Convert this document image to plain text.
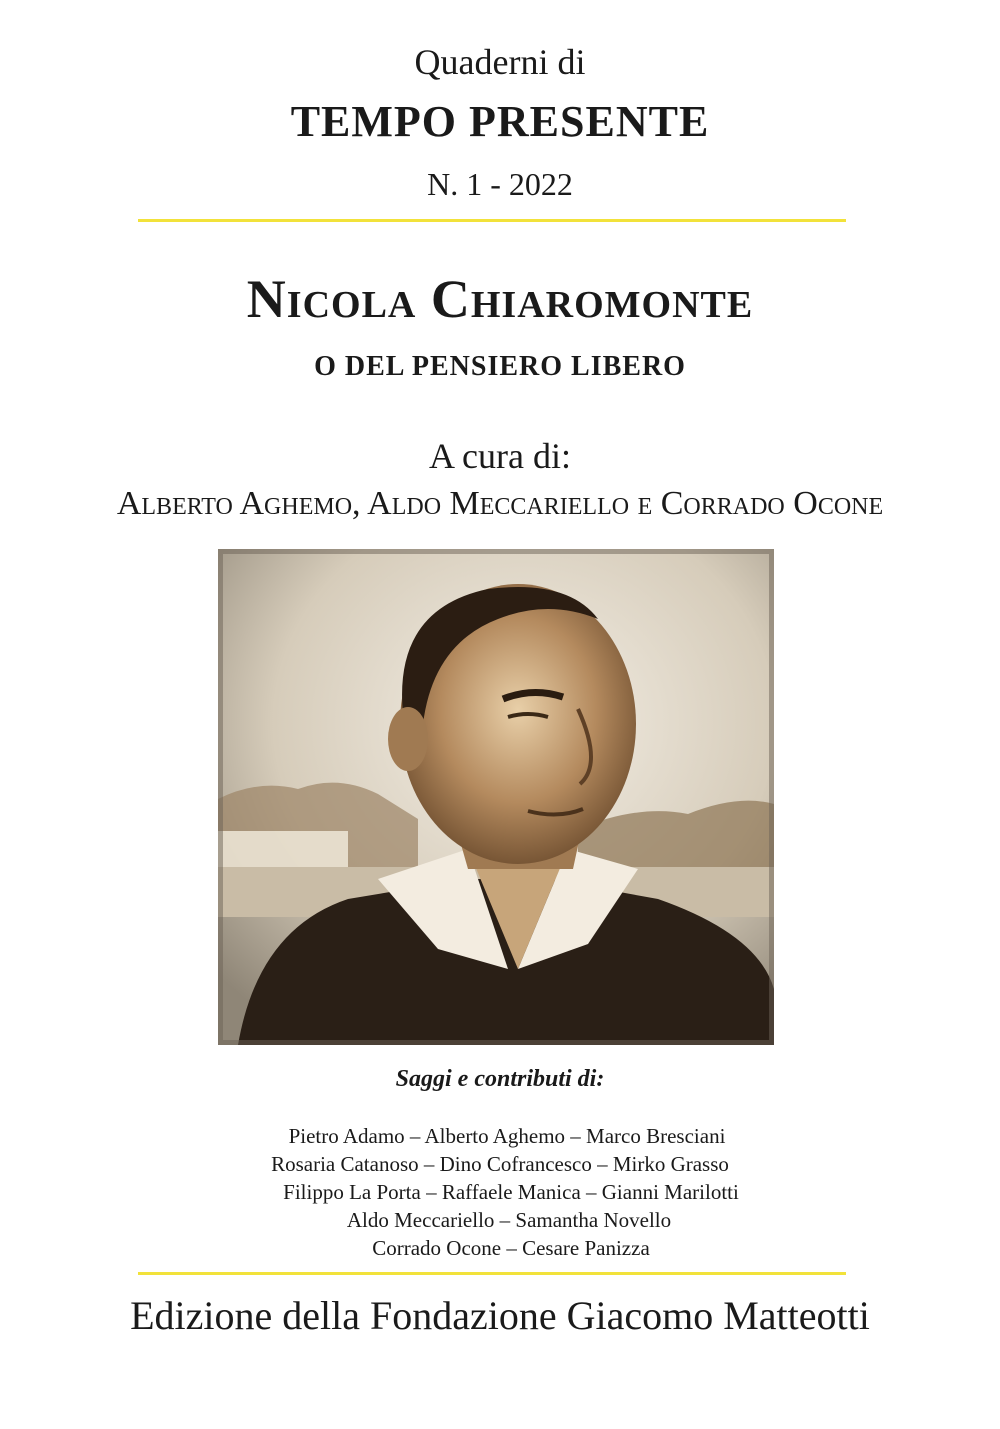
Quaderni di
TEMPO PRESENTE
N. 1 - 2022
Nicola Chiaromonte
O DEL PENSIERO LIBERO
A cura di:
Alberto Aghemo, Aldo Meccariello e Corrado Ocone
Saggi e contributi di:
Pietro Adamo – Alberto Aghemo – Marco Bresciani
Rosaria Catanoso – Dino Cofrancesco – Mirko Grasso
Filippo La Porta – Raffaele Manica – Gianni Marilotti
Aldo Meccariello – Samantha Novello
Corrado Ocone – Cesare Panizza
Edizione della Fondazione Giacomo Matteotti
